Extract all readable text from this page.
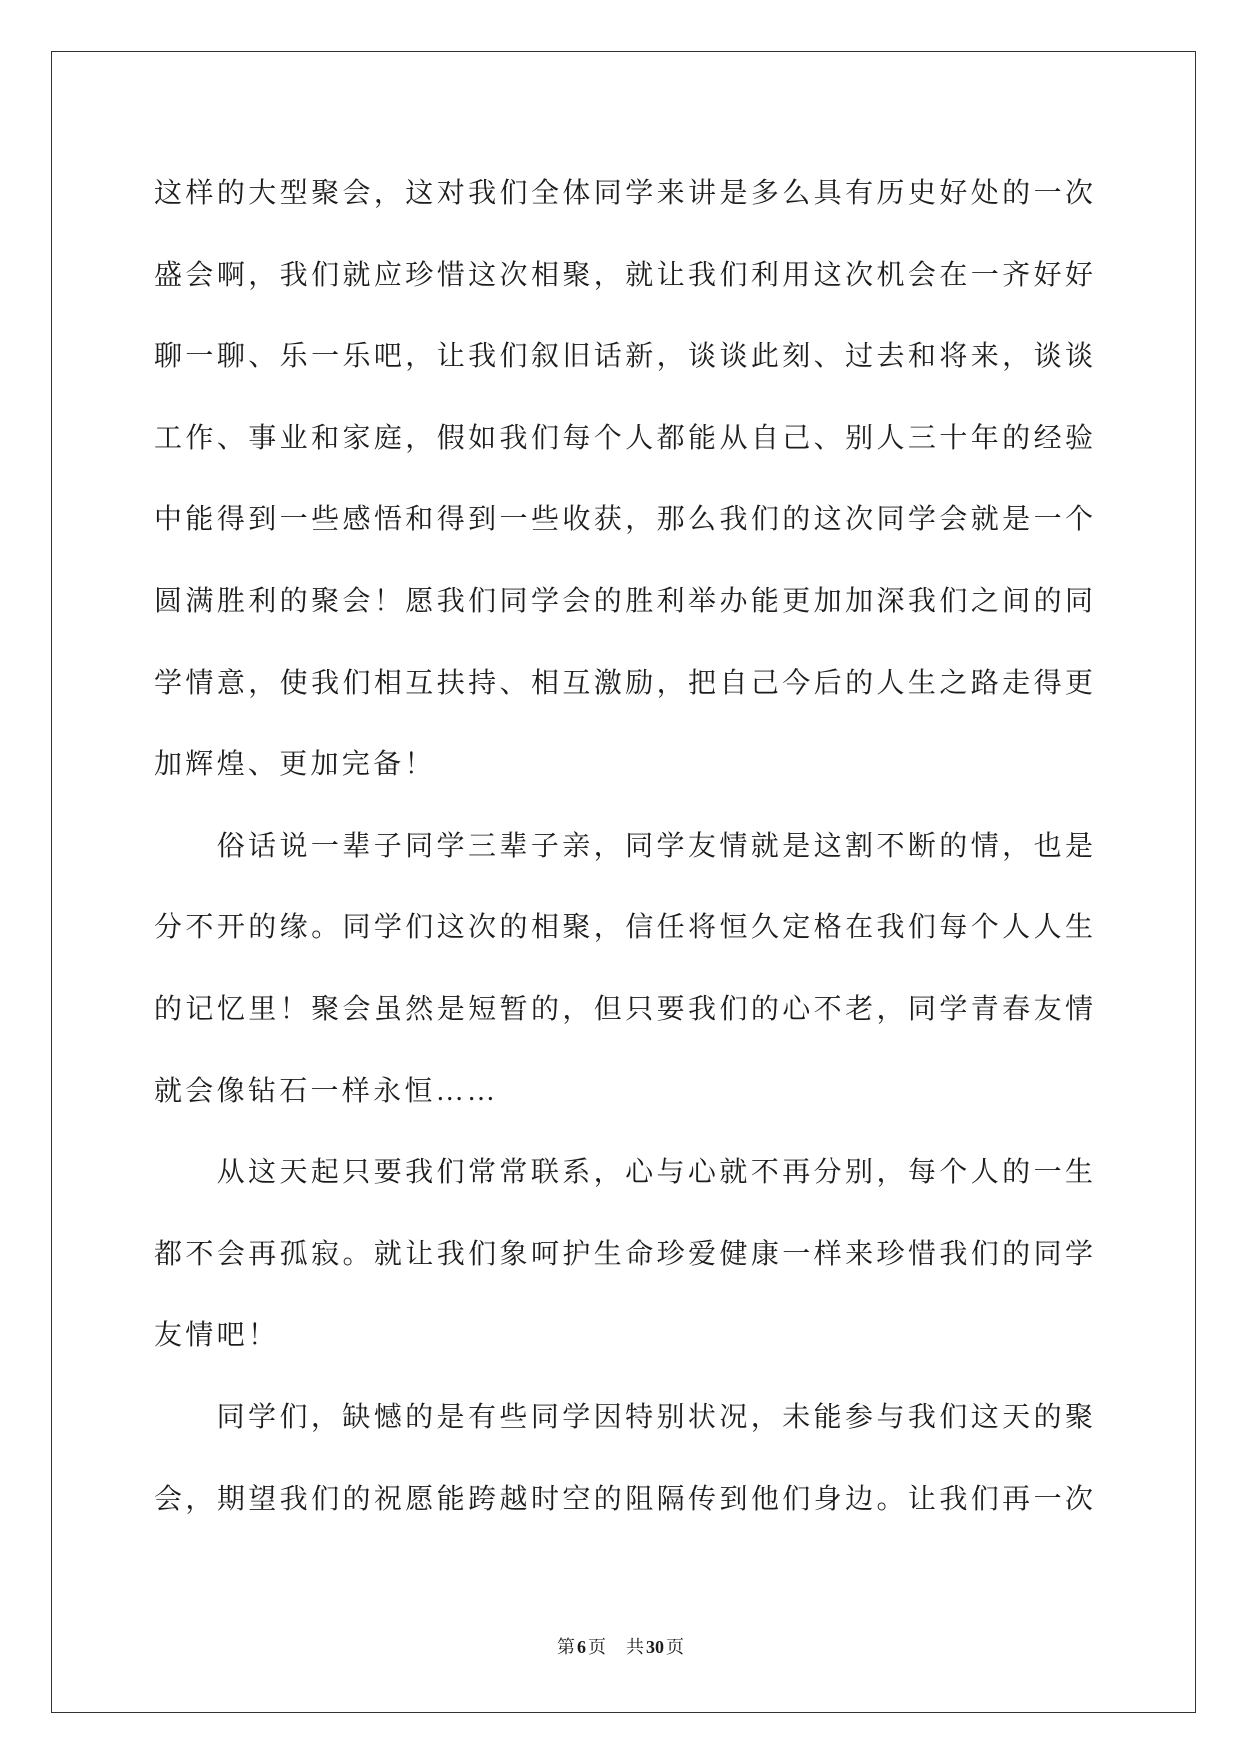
这样的大型聚会，这对我们全体同学来讲是多么具有历史好处的一次
盛会啊，我们就应珍惜这次相聚，就让我们利用这次机会在一齐好好
聊一聊、乐一乐吧，让我们叙旧话新，谈谈此刻、过去和将来，谈谈
工作、事业和家庭，假如我们每个人都能从自己、别人三十年的经验
中能得到一些感悟和得到一些收获，那么我们的这次同学会就是一个
圆满胜利的聚会！愿我们同学会的胜利举办能更加加深我们之间的同
学情意，使我们相互扶持、相互激励，把自己今后的人生之路走得更
加辉煌、更加完备！
俗话说一辈子同学三辈子亲，同学友情就是这割不断的情，也是
分不开的缘。同学们这次的相聚，信任将恒久定格在我们每个人人生
的记忆里！聚会虽然是短暂的，但只要我们的心不老，同学青春友情
就会像钻石一样永恒……
从这天起只要我们常常联系，心与心就不再分别，每个人的一生
都不会再孤寂。就让我们象呵护生命珍爱健康一样来珍惜我们的同学
友情吧！
同学们，缺憾的是有些同学因特别状况，未能参与我们这天的聚
会，期望我们的祝愿能跨越时空的阻隔传到他们身边。让我们再一次
第 6 页 共 30 页
